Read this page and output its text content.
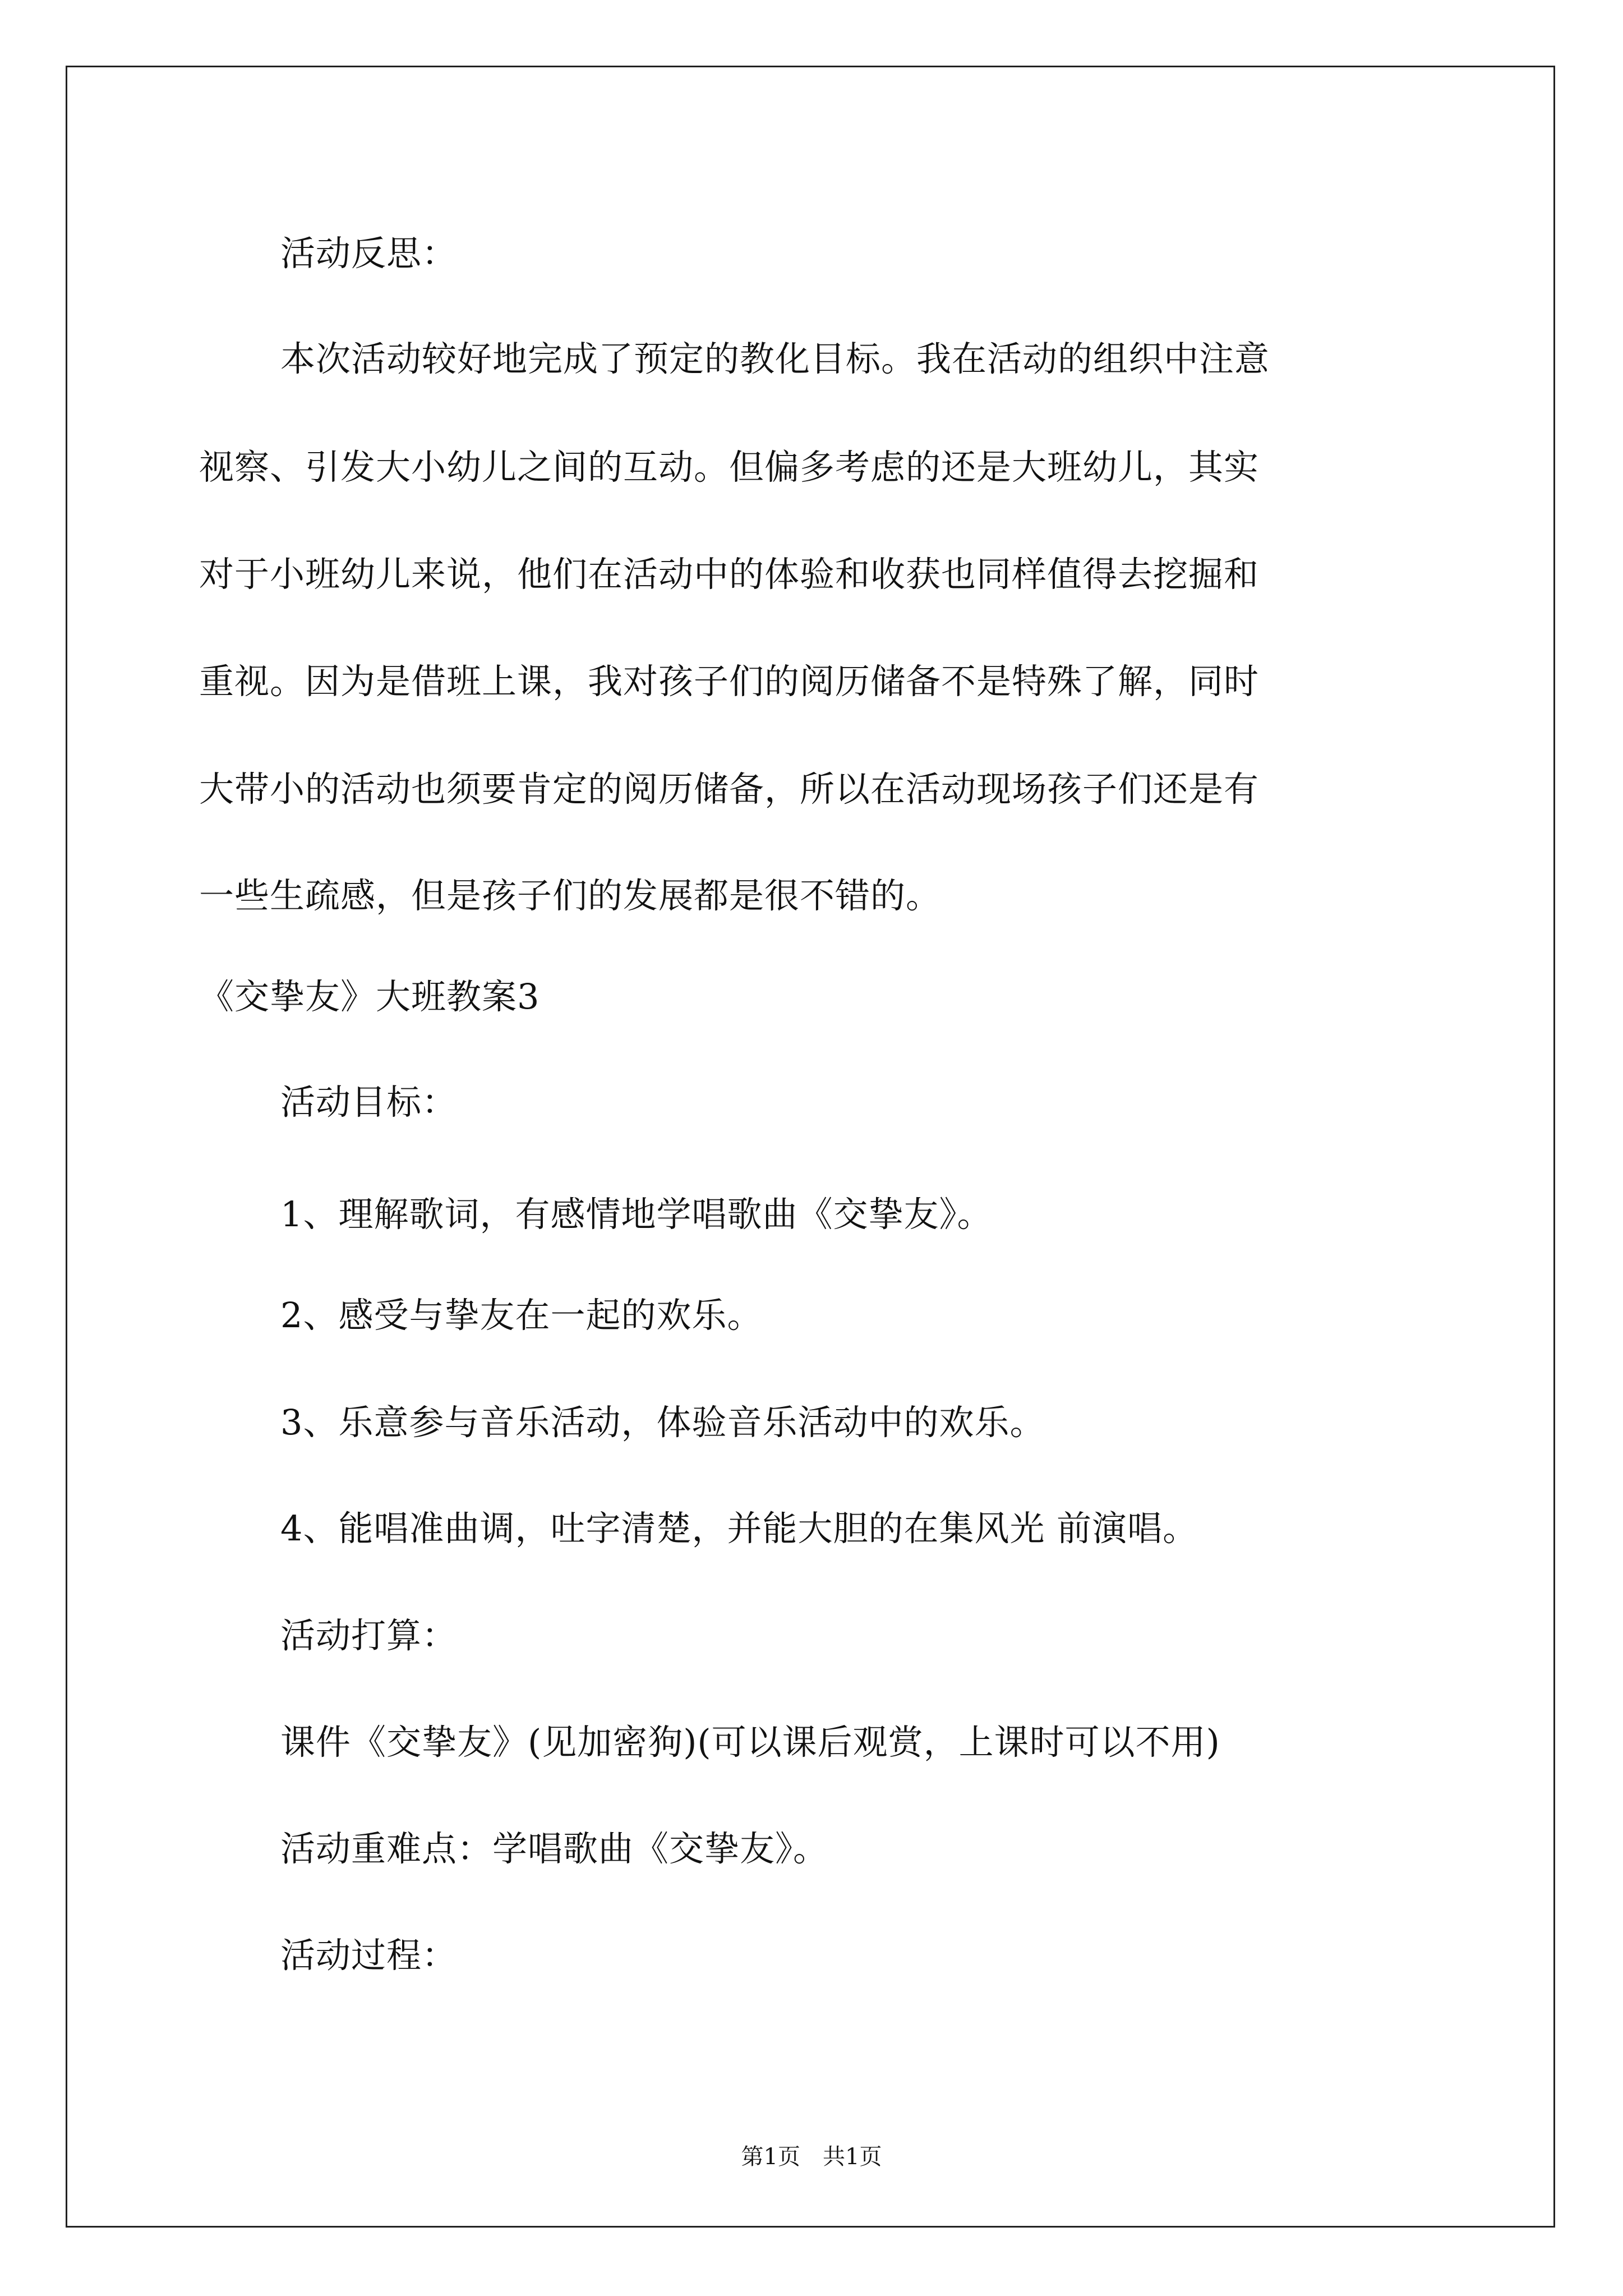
活动反思：
本次活动较好地完成了预定的教化目标。我在活动的组织中注意
视察、引发大小幼儿之间的互动。但偏多考虑的还是大班幼儿，其实
对于小班幼儿来说，他们在活动中的体验和收获也同样值得去挖掘和
重视。因为是借班上课，我对孩子们的阅历储备不是特殊了解，同时
大带小的活动也须要肯定的阅历储备，所以在活动现场孩子们还是有
一些生疏感，但是孩子们的发展都是很不错的。
《交挚友》大班教案3
活动目标：
1、理解歌词，有感情地学唱歌曲《交挚友》。
2、感受与挚友在一起的欢乐。
3、乐意参与音乐活动，体验音乐活动中的欢乐。
4、能唱准曲调，吐字清楚，并能大胆的在集风光 前演唱。
活动打算：
课件《交挚友》(见加密狗)(可以课后观赏，上课时可以不用)
活动重难点：学唱歌曲《交挚友》。
活动过程：
第1页　共1页
